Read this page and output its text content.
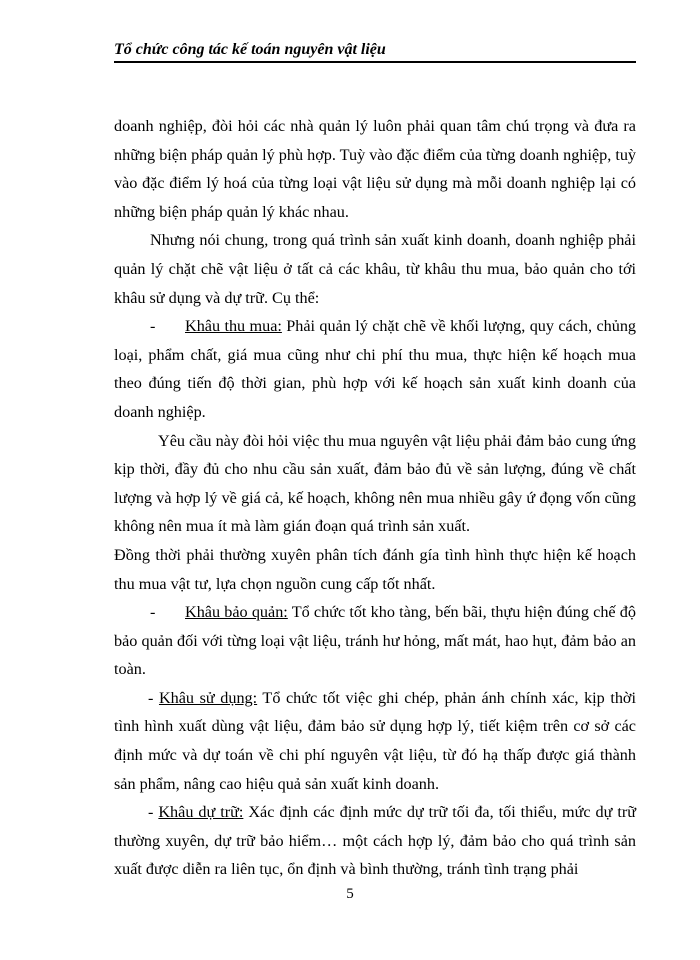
Tổ chức công tác kế toán nguyên vật liệu

doanh nghiệp, đòi hỏi các nhà quản lý luôn phải quan tâm chú trọng và đưa ra những biện pháp quản lý phù hợp. Tuỳ vào đặc điểm của từng doanh nghiệp, tuỳ vào đặc điểm lý hoá của từng loại vật liệu sử dụng mà mỗi doanh nghiệp lại có những biện pháp quản lý khác nhau.

Nhưng nói chung, trong quá trình sản xuất kinh doanh, doanh nghiệp phải quản lý chặt chẽ vật liệu ở tất cả các khâu, từ khâu thu mua, bảo quản cho tới khâu sử dụng và dự trữ. Cụ thể:

- Khâu thu mua: Phải quản lý chặt chẽ về khối lượng, quy cách, chủng loại, phẩm chất, giá mua cũng như chi phí thu mua, thực hiện kế hoạch mua theo đúng tiến độ thời gian, phù hợp với kế hoạch sản xuất kinh doanh của doanh nghiệp.

Yêu cầu này đòi hỏi việc thu mua nguyên vật liệu phải đảm bảo cung ứng kịp thời, đầy đủ cho nhu cầu sản xuất, đảm bảo đủ về sản lượng, đúng về chất lượng và hợp lý về giá cả, kế hoạch, không nên mua nhiều gây ứ đọng vốn cũng không nên mua ít mà làm gián đoạn quá trình sản xuất.

Đồng thời phải thường xuyên phân tích đánh gía tình hình thực hiện kế hoạch thu mua vật tư, lựa chọn nguồn cung cấp tốt nhất.

- Khâu bảo quản: Tổ chức tốt kho tàng, bến bãi, thựu hiện đúng chế độ bảo quản đối với từng loại vật liệu, tránh hư hỏng, mất mát, hao hụt, đảm bảo an toàn.

- Khâu sử dụng: Tổ chức tốt việc ghi chép, phản ánh chính xác, kịp thời tình hình xuất dùng vật liệu, đảm bảo sử dụng hợp lý, tiết kiệm trên cơ sở các định mức và dự toán về chi phí nguyên vật liệu, từ đó hạ thấp được giá thành sản phẩm, nâng cao hiệu quả sản xuất kinh doanh.

- Khâu dự trữ: Xác định các định mức dự trữ tối đa, tối thiểu, mức dự trữ thường xuyên, dự trữ bảo hiểm… một cách hợp lý, đảm bảo cho quá trình sản xuất được diễn ra liên tục, ổn định và bình thường, tránh tình trạng phải

5
